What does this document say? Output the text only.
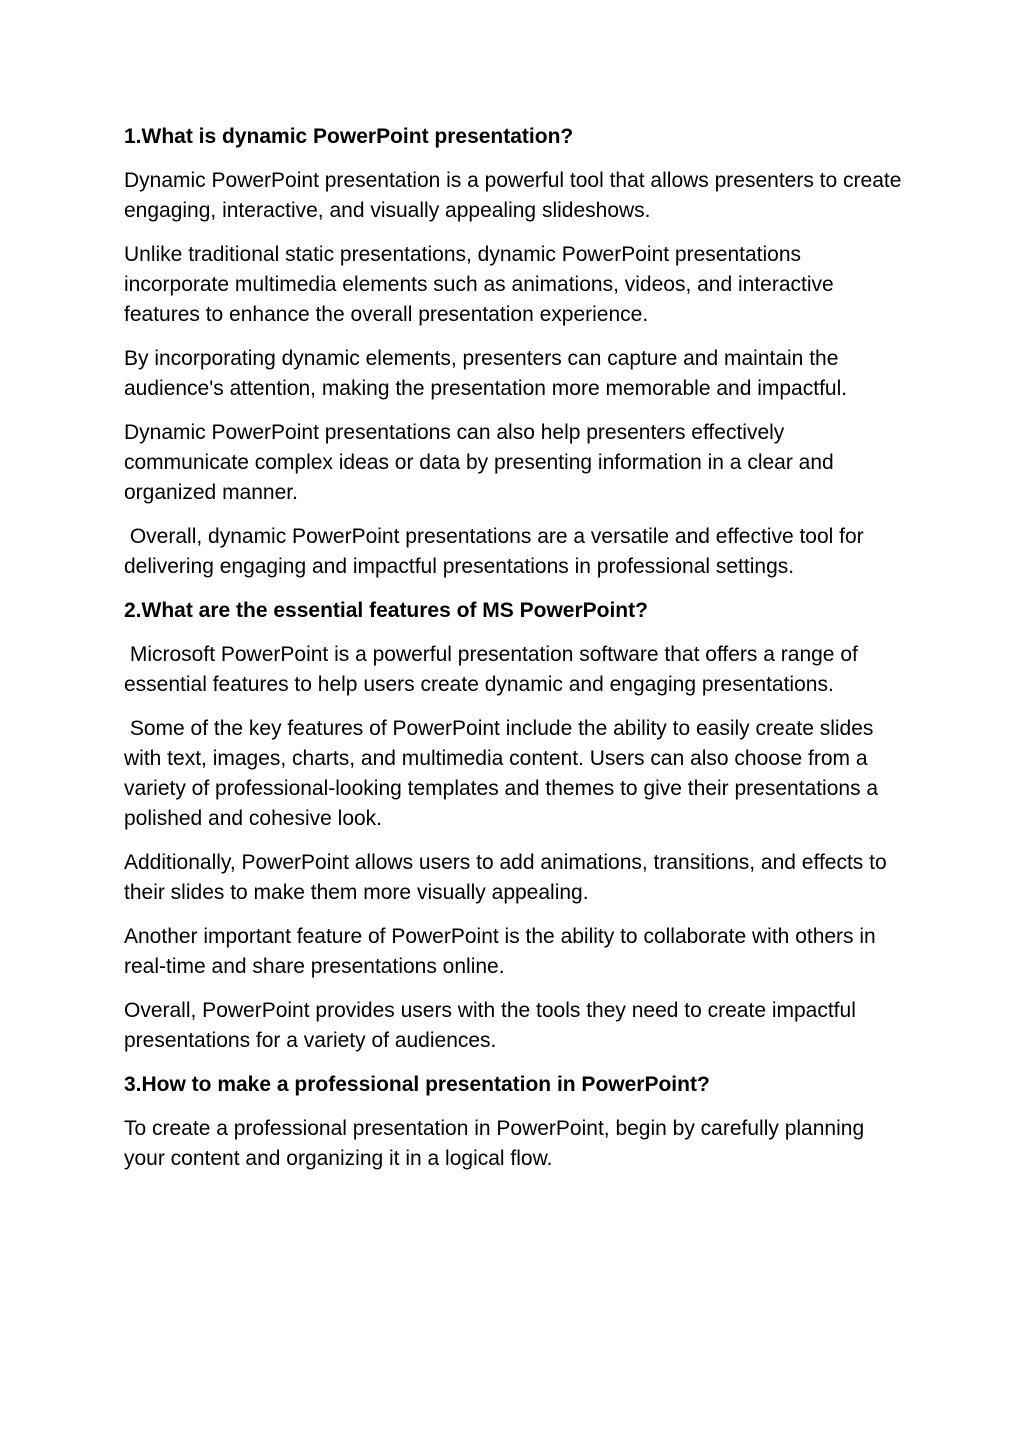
1.What is dynamic PowerPoint presentation?
Dynamic PowerPoint presentation is a powerful tool that allows presenters to create engaging, interactive, and visually appealing slideshows.
Unlike traditional static presentations, dynamic PowerPoint presentations incorporate multimedia elements such as animations, videos, and interactive features to enhance the overall presentation experience.
By incorporating dynamic elements, presenters can capture and maintain the audience's attention, making the presentation more memorable and impactful.
Dynamic PowerPoint presentations can also help presenters effectively communicate complex ideas or data by presenting information in a clear and organized manner.
Overall, dynamic PowerPoint presentations are a versatile and effective tool for delivering engaging and impactful presentations in professional settings.
2.What are the essential features of MS PowerPoint?
Microsoft PowerPoint is a powerful presentation software that offers a range of essential features to help users create dynamic and engaging presentations.
Some of the key features of PowerPoint include the ability to easily create slides with text, images, charts, and multimedia content. Users can also choose from a variety of professional-looking templates and themes to give their presentations a polished and cohesive look.
Additionally, PowerPoint allows users to add animations, transitions, and effects to their slides to make them more visually appealing.
Another important feature of PowerPoint is the ability to collaborate with others in real-time and share presentations online.
Overall, PowerPoint provides users with the tools they need to create impactful presentations for a variety of audiences.
3.How to make a professional presentation in PowerPoint?
To create a professional presentation in PowerPoint, begin by carefully planning your content and organizing it in a logical flow.
